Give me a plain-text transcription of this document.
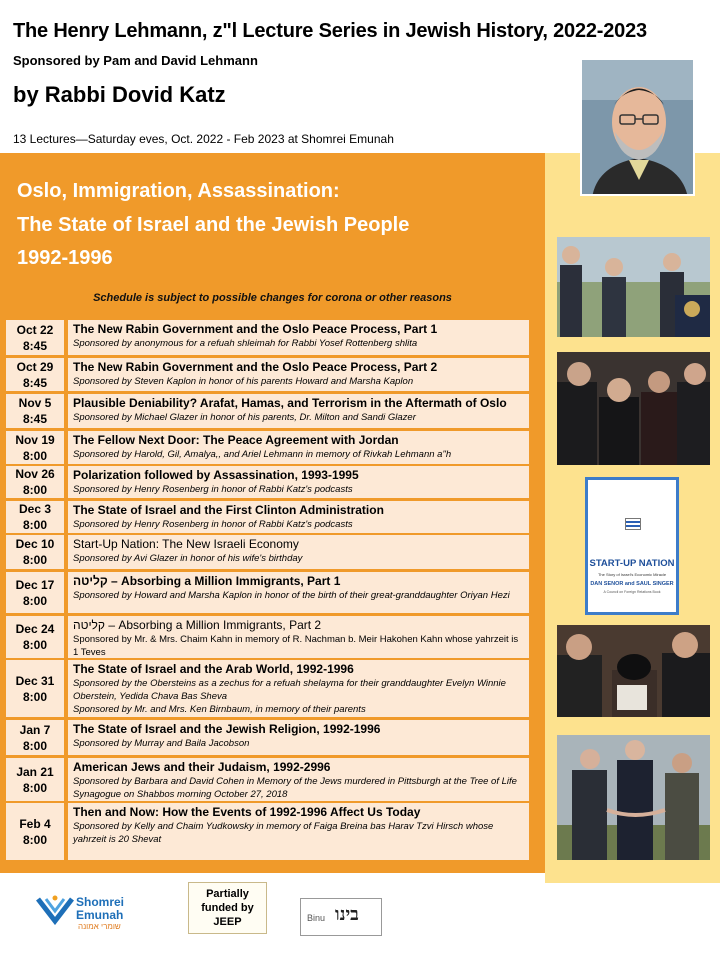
The Henry Lehmann, z"l Lecture Series in Jewish History, 2022-2023
Sponsored by Pam and David Lehmann
by Rabbi Dovid Katz
13 Lectures—Saturday eves, Oct. 2022 - Feb 2023 at Shomrei Emunah
Oslo, Immigration, Assassination:
The State of Israel and the Jewish People
1992-1996
Schedule is subject to possible changes for corona or other reasons
Oct 22
8:45
The New Rabin Government and the Oslo Peace Process, Part 1
Sponsored by anonymous for a refuah shleimah for Rabbi Yosef Rottenberg shlita
Oct 29
8:45
The New Rabin Government and the Oslo Peace Process, Part 2
Sponsored by Steven Kaplon in honor of his parents Howard and Marsha Kaplon
Nov 5
8:45
Plausible Deniability? Arafat, Hamas, and Terrorism in the Aftermath of Oslo
Sponsored by Michael Glazer in honor of his parents, Dr. Milton and Sandi Glazer
Nov 19
8:00
The Fellow Next Door: The Peace Agreement with Jordan
Sponsored by Harold, Gil, Amalya,, and Ariel Lehmann in memory of Rivkah Lehmann a"h
Nov 26
8:00
Polarization followed by Assassination, 1993-1995
Sponsored by Henry Rosenberg in honor of Rabbi Katz's podcasts
Dec 3
8:00
The State of Israel and the First Clinton Administration
Sponsored by Henry Rosenberg in honor of Rabbi Katz's podcasts
Dec 10
8:00
Start-Up Nation: The New Israeli Economy
Sponsored by Avi Glazer in honor of his wife's birthday
Dec 17
8:00
קליטה – Absorbing a Million Immigrants, Part 1
Sponsored by Howard and Marsha Kaplon in honor of the birth of their great-granddaughter Oriyan Hezi
Dec 24
8:00
קליטה – Absorbing a Million Immigrants, Part 2
Sponsored by Mr. & Mrs. Chaim Kahn in memory of R. Nachman b. Meir Hakohen Kahn whose yahrzeit is 1 Teves
Dec 31
8:00
The State of Israel and the Arab World, 1992-1996
Sponsored by the Obersteins as a zechus for a refuah shelayma for their granddaughter Evelyn Winnie Oberstein, Yedida Chava Bas Sheva
Sponsored by Mr. and Mrs. Ken Birnbaum, in memory of their parents
Jan 7
8:00
The State of Israel and the Jewish Religion, 1992-1996
Sponsored by Murray and Baila Jacobson
Jan 21
8:00
American Jews and their Judaism, 1992-2996
Sponsored by Barbara and David Cohen in Memory of the Jews murdered in Pittsburgh at the Tree of Life Synagogue on Shabbos morning October 27, 2018
Feb 4
8:00
Then and Now: How the Events of 1992-1996 Affect Us Today
Sponsored by Kelly and Chaim Yudkowsky in memory of Faiga Breina bas Harav Tzvi Hirsch whose yahrzeit is 20 Shevat
START-UP NATION
The Story of Israel's Economic Miracle
DAN SENOR and SAUL SINGER
A Council on Foreign Relations Book
Shomrei
Emunah
שומרי אמונה
Partially funded by JEEP	Binu בינו
